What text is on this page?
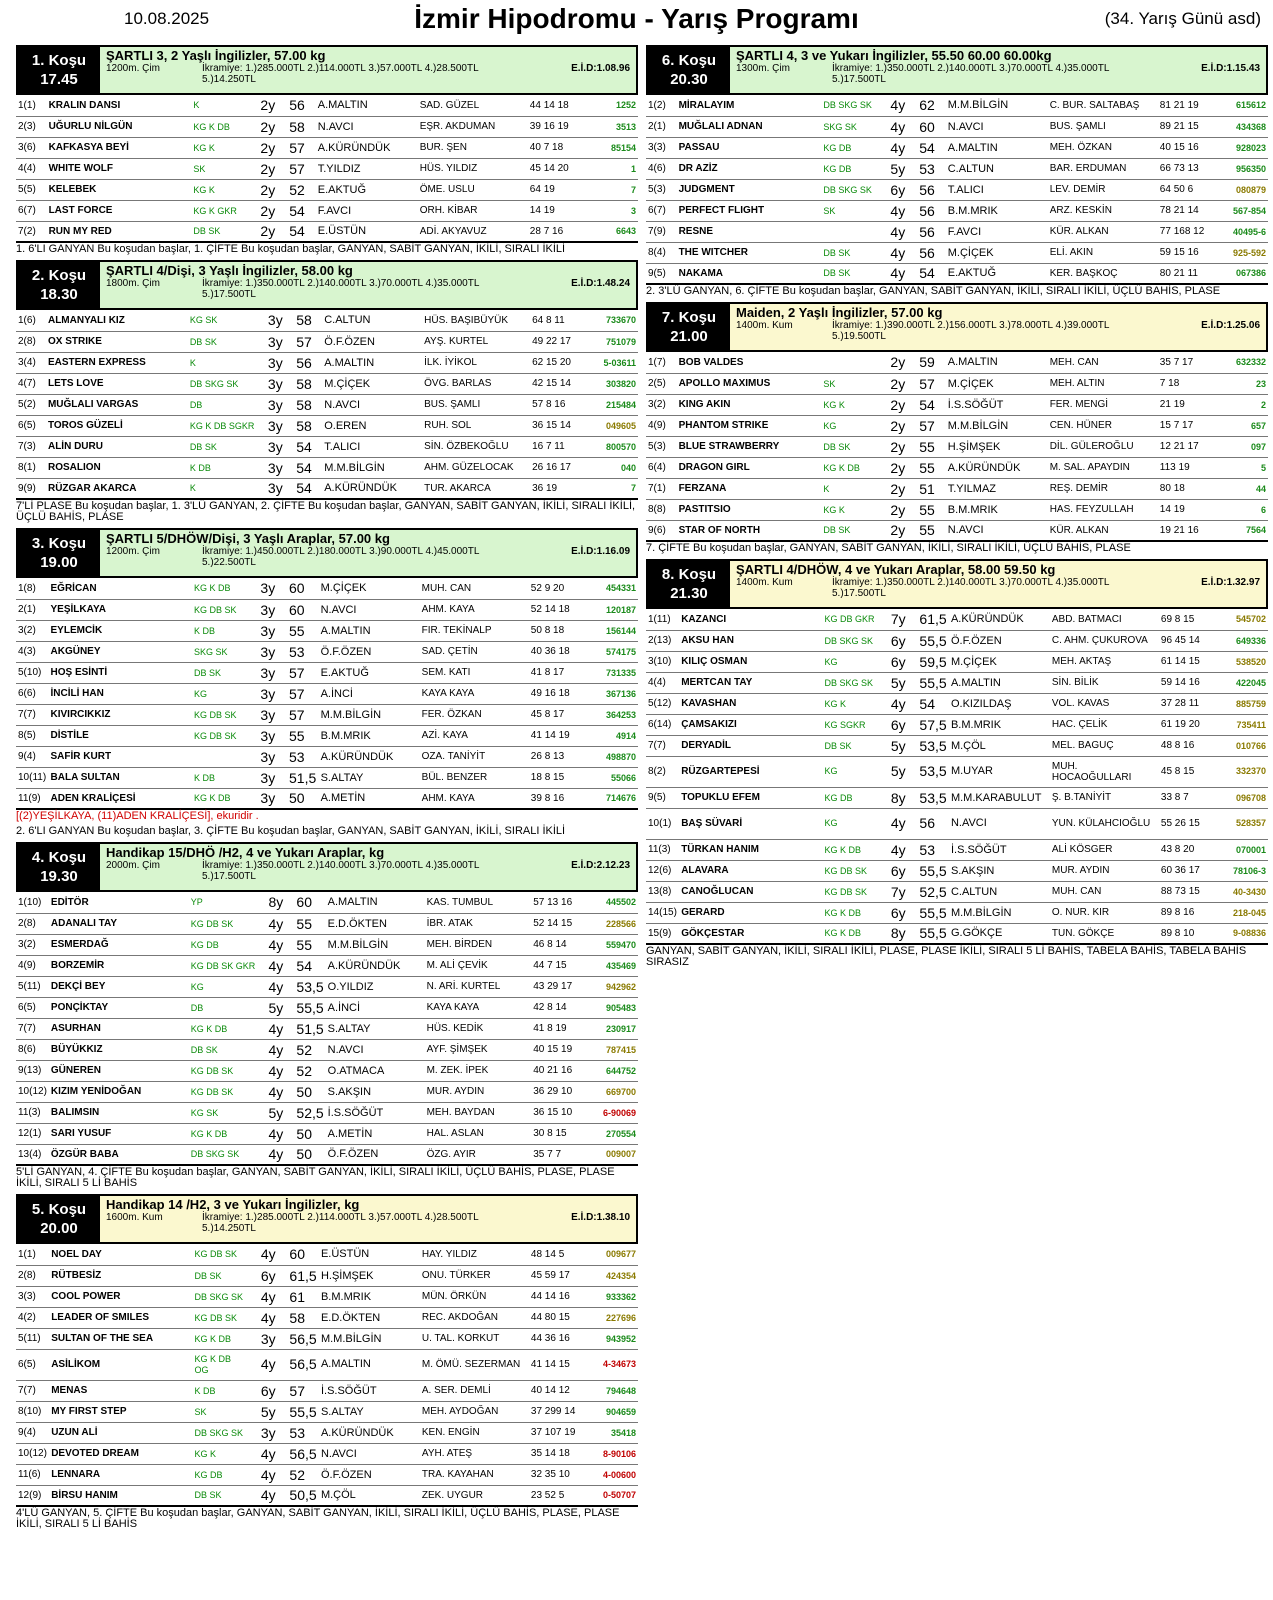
10.08.2025	İzmir Hipodromu - Yarış Programı	(34. Yarış Günü asd)
1. Koşu
17.45
ŞARTLI 3, 2 Yaşlı İngilizler, 57.00 kg
1200m. Çim	İkramiye: 1.)285.000TL 2.)114.000TL 3.)57.000TL 4.)28.500TL
5.)14.250TL
E.İ.D:1.08.96
1(1)	KRALIN DANSI	K	2y	56	A.MALTIN	SAD. GÜZEL	44 14 18	1252
2(3)	UĞURLU NİLGÜN	KG K DB	2y	58	N.AVCI	EŞR. AKDUMAN	39 16 19	3513
3(6)	KAFKASYA BEYİ	KG K	2y	57	A.KÜRÜNDÜK	BUR. ŞEN	40 7 18	85154
4(4)	WHITE WOLF	SK	2y	57	T.YILDIZ	HÜS. YILDIZ	45 14 20	1
5(5)	KELEBEK	KG K	2y	52	E.AKTUĞ	ÖME. USLU	64 19	7
6(7)	LAST FORCE	KG K GKR	2y	54	F.AVCI	ORH. KİBAR	14 19	3
7(2)	RUN MY RED	DB SK	2y	54	E.ÜSTÜN	ADİ. AKYAVUZ	28 7 16	6643
1. 6'LI GANYAN Bu koşudan başlar, 1. ÇİFTE Bu koşudan başlar, GANYAN, SABİT GANYAN, İKİLİ, SIRALI İKİLİ
2. Koşu
18.30
ŞARTLI 4/Dişi, 3 Yaşlı İngilizler, 58.00 kg
1800m. Çim	İkramiye: 1.)350.000TL 2.)140.000TL 3.)70.000TL 4.)35.000TL
5.)17.500TL
E.İ.D:1.48.24
1(6)	ALMANYALI KIZ	KG SK	3y	58	C.ALTUN	HÜS. BAŞIBÜYÜK	64 8 11	733670
2(8)	OX STRIKE	DB SK	3y	57	Ö.F.ÖZEN	AYŞ. KURTEL	49 22 17	751079
3(4)	EASTERN EXPRESS	K	3y	56	A.MALTIN	İLK. İYİKOL	62 15 20	5-03611
4(7)	LETS LOVE	DB SKG SK	3y	58	M.ÇİÇEK	ÖVG. BARLAS	42 15 14	303820
5(2)	MUĞLALI VARGAS	DB	3y	58	N.AVCI	BUS. ŞAMLI	57 8 16	215484
6(5)	TOROS GÜZELİ	KG K DB SGKR	3y	58	O.EREN	RUH. SOL	36 15 14	049605
7(3)	ALİN DURU	DB SK	3y	54	T.ALICI	SİN. ÖZBEKOĞLU	16 7 11	800570
8(1)	ROSALION	K DB	3y	54	M.M.BİLGİN	AHM. GÜZELOCAK	26 16 17	040
9(9)	RÜZGAR AKARCA	K	3y	54	A.KÜRÜNDÜK	TUR. AKARCA	36 19	7
7'Lİ PLASE Bu koşudan başlar, 1. 3'LÜ GANYAN, 2. ÇİFTE Bu koşudan başlar, GANYAN, SABİT GANYAN, İKİLİ, SIRALI İKİLİ, ÜÇLÜ BAHİS, PLASE
3. Koşu
19.00
ŞARTLI 5/DHÖW/Dişi, 3 Yaşlı Araplar, 57.00 kg
1200m. Çim	İkramiye: 1.)450.000TL 2.)180.000TL 3.)90.000TL 4.)45.000TL
5.)22.500TL
E.İ.D:1.16.09
1(8)	EĞRİCAN	KG K DB	3y	60	M.ÇİÇEK	MUH. CAN	52 9 20	454331
2(1)	YEŞİLKAYA	KG DB SK	3y	60	N.AVCI	AHM. KAYA	52 14 18	120187
3(2)	EYLEMCİK	K DB	3y	55	A.MALTIN	FIR. TEKİNALP	50 8 18	156144
4(3)	AKGÜNEY	SKG SK	3y	53	Ö.F.ÖZEN	SAD. ÇETİN	40 36 18	574175
5(10)	HOŞ ESİNTİ	DB SK	3y	57	E.AKTUĞ	SEM. KATI	41 8 17	731335
6(6)	İNCİLİ HAN	KG	3y	57	A.İNCİ	KAYA KAYA	49 16 18	367136
7(7)	KIVIRCIKKIZ	KG DB SK	3y	57	M.M.BİLGİN	FER. ÖZKAN	45 8 17	364253
8(5)	DİSTİLE	KG DB SK	3y	55	B.M.MRIK	AZİ. KAYA	41 14 19	4914
9(4)	SAFİR KURT		3y	53	A.KÜRÜNDÜK	OZA. TANİYİT	26 8 13	498870
10(11)	BALA SULTAN	K DB	3y	51,5	S.ALTAY	BÜL. BENZER	18 8 15	55066
11(9)	ADEN KRALİÇESİ	KG K DB	3y	50	A.METİN	AHM. KAYA	39 8 16	714676
[(2)YEŞİLKAYA, (11)ADEN KRALİÇESİ], ekuridir .
2. 6'LI GANYAN Bu koşudan başlar, 3. ÇİFTE Bu koşudan başlar, GANYAN, SABİT GANYAN, İKİLİ, SIRALI İKİLİ
4. Koşu
19.30
Handikap 15/DHÖ /H2, 4 ve Yukarı Araplar, kg
2000m. Çim	İkramiye: 1.)350.000TL 2.)140.000TL 3.)70.000TL 4.)35.000TL
5.)17.500TL
E.İ.D:2.12.23
1(10)	EDİTÖR	YP	8y	60	A.MALTIN	KAS. TUMBUL	57 13 16	445502
2(8)	ADANALI TAY	KG DB SK	4y	55	E.D.ÖKTEN	İBR. ATAK	52 14 15	228566
3(2)	ESMERDAĞ	KG DB	4y	55	M.M.BİLGİN	MEH. BİRDEN	46 8 14	559470
4(9)	BORZEMİR	KG DB SK GKR	4y	54	A.KÜRÜNDÜK	M. ALİ ÇEVİK	44 7 15	435469
5(11)	DEKÇİ BEY	KG	4y	53,5	O.YILDIZ	N. ARİ. KURTEL	43 29 17	942962
6(5)	PONÇİKTAY	DB	5y	55,5	A.İNCİ	KAYA KAYA	42 8 14	905483
7(7)	ASURHAN	KG K DB	4y	51,5	S.ALTAY	HÜS. KEDİK	41 8 19	230917
8(6)	BÜYÜKKIZ	DB SK	4y	52	N.AVCI	AYF. ŞİMŞEK	40 15 19	787415
9(13)	GÜNEREN	KG DB SK	4y	52	O.ATMACA	M. ZEK. İPEK	40 21 16	644752
10(12)	KIZIM YENİDOĞAN	KG DB SK	4y	50	S.AKŞIN	MUR. AYDIN	36 29 10	669700
11(3)	BALIMSIN	KG SK	5y	52,5	İ.S.SÖĞÜT	MEH. BAYDAN	36 15 10	6-90069
12(1)	SARI YUSUF	KG K DB	4y	50	A.METİN	HAL. ASLAN	30 8 15	270554
13(4)	ÖZGÜR BABA	DB SKG SK	4y	50	Ö.F.ÖZEN	ÖZG. AYIR	35 7 7	009007
5'Lİ GANYAN, 4. ÇİFTE Bu koşudan başlar, GANYAN, SABİT GANYAN, İKİLİ, SIRALI İKİLİ, ÜÇLÜ BAHİS, PLASE, PLASE İKİLİ, SIRALI 5 Lİ BAHİS
5. Koşu
20.00
Handikap 14 /H2, 3 ve Yukarı İngilizler, kg
1600m. Kum	İkramiye: 1.)285.000TL 2.)114.000TL 3.)57.000TL 4.)28.500TL
5.)14.250TL
E.İ.D:1.38.10
1(1)	NOEL DAY	KG DB SK	4y	60	E.ÜSTÜN	HAY. YILDIZ	48 14 5	009677
2(8)	RÜTBESİZ	DB SK	6y	61,5	H.ŞİMŞEK	ONU. TÜRKER	45 59 17	424354
3(3)	COOL POWER	DB SKG SK	4y	61	B.M.MRIK	MÜN. ÖRKÜN	44 14 16	933362
4(2)	LEADER OF SMILES	KG DB SK	4y	58	E.D.ÖKTEN	REC. AKDOĞAN	44 80 15	227696
5(11)	SULTAN OF THE SEA	KG K DB	3y	56,5	M.M.BİLGİN	U. TAL. KORKUT	44 36 16	943952
6(5)	ASİLİKOM	KG K DB OG	4y	56,5	A.MALTIN	M. ÖMÜ. SEZERMAN	41 14 15	4-34673
7(7)	MENAS	K DB	6y	57	İ.S.SÖĞÜT	A. SER. DEMLİ	40 14 12	794648
8(10)	MY FIRST STEP	SK	5y	55,5	S.ALTAY	MEH. AYDOĞAN	37 299 14	904659
9(4)	UZUN ALİ	DB SKG SK	3y	53	A.KÜRÜNDÜK	KEN. ENGİN	37 107 19	35418
10(12)	DEVOTED DREAM	KG K	4y	56,5	N.AVCI	AYH. ATEŞ	35 14 18	8-90106
11(6)	LENNARA	KG DB	4y	52	Ö.F.ÖZEN	TRA. KAYAHAN	32 35 10	4-00600
12(9)	BİRSU HANIM	DB SK	4y	50,5	M.ÇÖL	ZEK. UYGUR	23 52 5	0-50707
4'LÜ GANYAN, 5. ÇİFTE Bu koşudan başlar, GANYAN, SABİT GANYAN, İKİLİ, SIRALI İKİLİ, ÜÇLÜ BAHİS, PLASE, PLASE İKİLİ, SIRALI 5 Lİ BAHİS
6. Koşu
20.30
ŞARTLI 4, 3 ve Yukarı İngilizler, 55.50 60.00 60.00kg
1300m. Çim	İkramiye: 1.)350.000TL 2.)140.000TL 3.)70.000TL 4.)35.000TL
5.)17.500TL
E.İ.D:1.15.43
1(2)	MİRALAYIM	DB SKG SK	4y	62	M.M.BİLGİN	C. BUR. SALTABAŞ	81 21 19	615612
2(1)	MUĞLALI ADNAN	SKG SK	4y	60	N.AVCI	BUS. ŞAMLI	89 21 15	434368
3(3)	PASSAU	KG DB	4y	54	A.MALTIN	MEH. ÖZKAN	40 15 16	928023
4(6)	DR AZİZ	KG DB	5y	53	C.ALTUN	BAR. ERDUMAN	66 73 13	956350
5(3)	JUDGMENT	DB SKG SK	6y	56	T.ALICI	LEV. DEMİR	64 50 6	080879
6(7)	PERFECT FLIGHT	SK	4y	56	B.M.MRIK	ARZ. KESKİN	78 21 14	567-854
7(9)	RESNE		4y	56	F.AVCI	KÜR. ALKAN	77 168 12	40495-6
8(4)	THE WITCHER	DB SK	4y	56	M.ÇİÇEK	ELİ. AKIN	59 15 16	925-592
9(5)	NAKAMA	DB SK	4y	54	E.AKTUĞ	KER. BAŞKOÇ	80 21 11	067386
2. 3'LÜ GANYAN, 6. ÇİFTE Bu koşudan başlar, GANYAN, SABİT GANYAN, İKİLİ, SIRALI İKİLİ, ÜÇLÜ BAHİS, PLASE
7. Koşu
21.00
Maiden, 2 Yaşlı İngilizler, 57.00 kg
1400m. Kum	İkramiye: 1.)390.000TL 2.)156.000TL 3.)78.000TL 4.)39.000TL
5.)19.500TL
E.İ.D:1.25.06
1(7)	BOB VALDES		2y	59	A.MALTIN	MEH. CAN	35 7 17	632332
2(5)	APOLLO MAXIMUS	SK	2y	57	M.ÇİÇEK	MEH. ALTIN	7 18	23
3(2)	KING AKIN	KG K	2y	54	İ.S.SÖĞÜT	FER. MENGİ	21 19	2
4(9)	PHANTOM STRIKE	KG	2y	57	M.M.BİLGİN	CEN. HÜNER	15 7 17	657
5(3)	BLUE STRAWBERRY	DB SK	2y	55	H.ŞİMŞEK	DİL. GÜLEROĞLU	12 21 17	097
6(4)	DRAGON GIRL	KG K DB	2y	55	A.KÜRÜNDÜK	M. SAL. APAYDIN	113 19	5
7(1)	FERZANA	K	2y	51	T.YILMAZ	REŞ. DEMİR	80 18	44
8(8)	PASTITSIO	KG K	2y	55	B.M.MRIK	HAS. FEYZULLAH	14 19	6
9(6)	STAR OF NORTH	DB SK	2y	55	N.AVCI	KÜR. ALKAN	19 21 16	7564
7. ÇİFTE Bu koşudan başlar, GANYAN, SABİT GANYAN, İKİLİ, SIRALI İKİLİ, ÜÇLÜ BAHİS, PLASE
8. Koşu
21.30
ŞARTLI 4/DHÖW, 4 ve Yukarı Araplar, 58.00 59.50 kg
1400m. Kum	İkramiye: 1.)350.000TL 2.)140.000TL 3.)70.000TL 4.)35.000TL
5.)17.500TL
E.İ.D:1.32.97
1(11)	KAZANCI	KG DB GKR	7y	61,5	A.KÜRÜNDÜK	ABD. BATMACI	69 8 15	545702
2(13)	AKSU HAN	DB SKG SK	6y	55,5	Ö.F.ÖZEN	C. AHM. ÇUKUROVA	96 45 14	649336
3(10)	KILIÇ OSMAN	KG	6y	59,5	M.ÇİÇEK	MEH. AKTAŞ	61 14 15	538520
4(4)	MERTCAN TAY	DB SKG SK	5y	55,5	A.MALTIN	SİN. BİLİK	59 14 16	422045
5(12)	KAVASHAN	KG K	4y	54	O.KIZILDAŞ	VOL. KAVAS	37 28 11	885759
6(14)	ÇAMSAKIZI	KG SGKR	6y	57,5	B.M.MRIK	HAC. ÇELİK	61 19 20	735411
7(7)	DERYADİL	DB SK	5y	53,5	M.ÇÖL	MEL. BAGUÇ	48 8 16	010766
8(2)	RÜZGARTEPESİ	KG	5y	53,5	M.UYAR	MUH. HOCAOĞULLARI	45 8 15	332370
9(5)	TOPUKLU EFEM	KG DB	8y	53,5	M.M.KARABULUT	Ş. B.TANİYİT	33 8 7	096708
10(1)	BAŞ SÜVARİ	KG	4y	56	N.AVCI	YUN. KÜLAHCIOĞLU	55 26 15	528357
11(3)	TÜRKAN HANIM	KG K DB	4y	53	İ.S.SÖĞÜT	ALİ KÖSGER	43 8 20	070001
12(6)	ALAVARA	KG DB SK	6y	55,5	S.AKŞIN	MUR. AYDIN	60 36 17	78106-3
13(8)	CANOĞLUCAN	KG DB SK	7y	52,5	C.ALTUN	MUH. CAN	88 73 15	40-3430
14(15)	GERARD	KG K DB	6y	55,5	M.M.BİLGİN	O. NUR. KIR	89 8 16	218-045
15(9)	GÖKÇESTAR	KG K DB	8y	55,5	G.GÖKÇE	TUN. GÖKÇE	89 8 10	9-08836
GANYAN, SABİT GANYAN, İKİLİ, SIRALI İKİLİ, PLASE, PLASE İKİLİ, SIRALI 5 Lİ BAHİS, TABELA BAHİS, TABELA BAHİS SIRASIZ
